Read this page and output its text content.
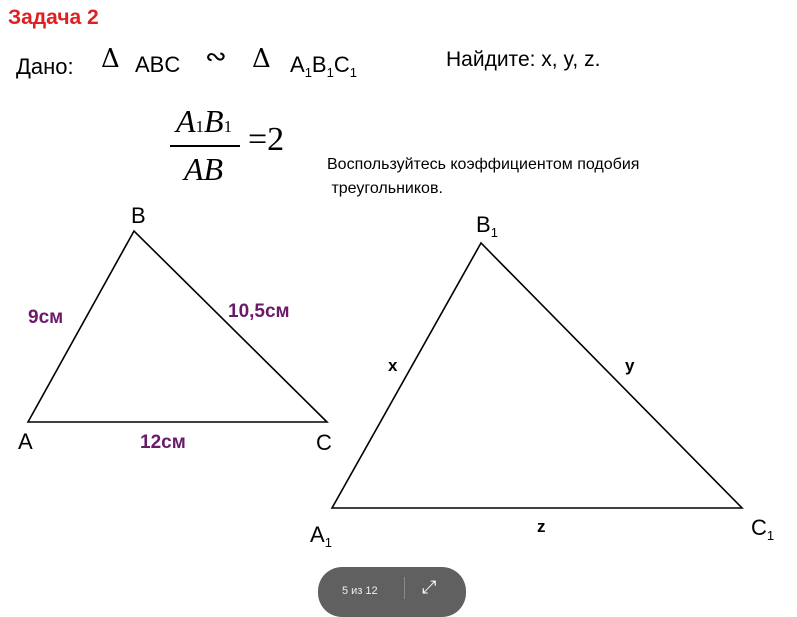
Задача 2
Дано: Δ ABC ∾ Δ $A_1B_1C_1$
Найдите: x, y, z.
A1B1
AB
=2
Воспользуйтесь коэффициентом подобия
треугольников.
B
A	C
9см	10,5см
12см
$B_1$
$A_1$
$C_1$
x	y
z
5 из 12 ⤢
